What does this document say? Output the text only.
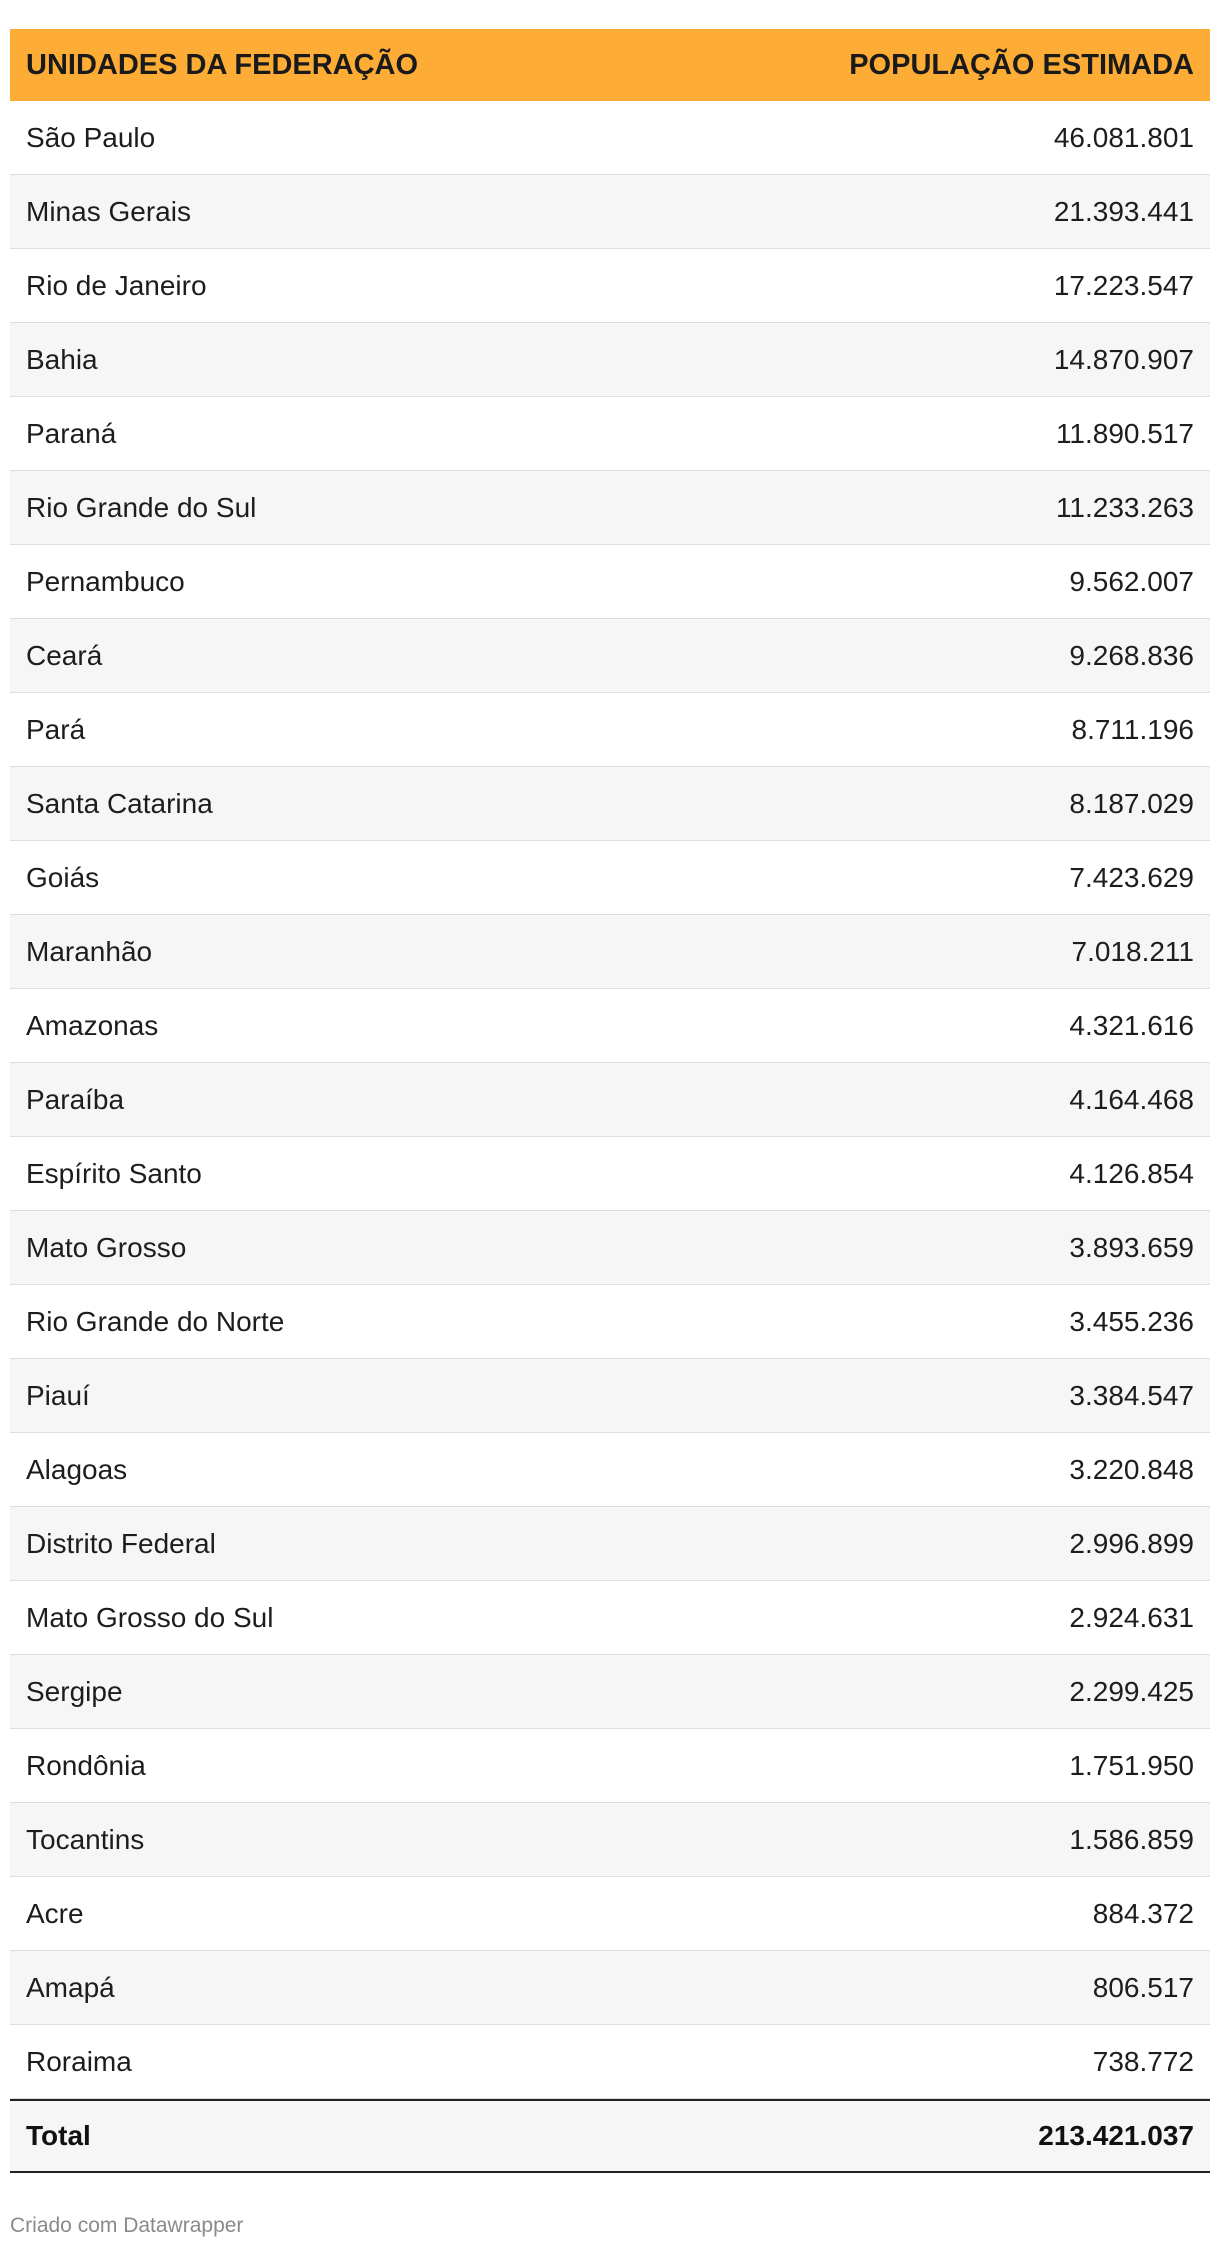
UNIDADES DA FEDERAÇÃO	POPULAÇÃO ESTIMADA
São Paulo	46.081.801
Minas Gerais	21.393.441
Rio de Janeiro	17.223.547
Bahia	14.870.907
Paraná	11.890.517
Rio Grande do Sul	11.233.263
Pernambuco	9.562.007
Ceará	9.268.836
Pará	8.711.196
Santa Catarina	8.187.029
Goiás	7.423.629
Maranhão	7.018.211
Amazonas	4.321.616
Paraíba	4.164.468
Espírito Santo	4.126.854
Mato Grosso	3.893.659
Rio Grande do Norte	3.455.236
Piauí	3.384.547
Alagoas	3.220.848
Distrito Federal	2.996.899
Mato Grosso do Sul	2.924.631
Sergipe	2.299.425
Rondônia	1.751.950
Tocantins	1.586.859
Acre	884.372
Amapá	806.517
Roraima	738.772
Total	213.421.037
Criado com Datawrapper
